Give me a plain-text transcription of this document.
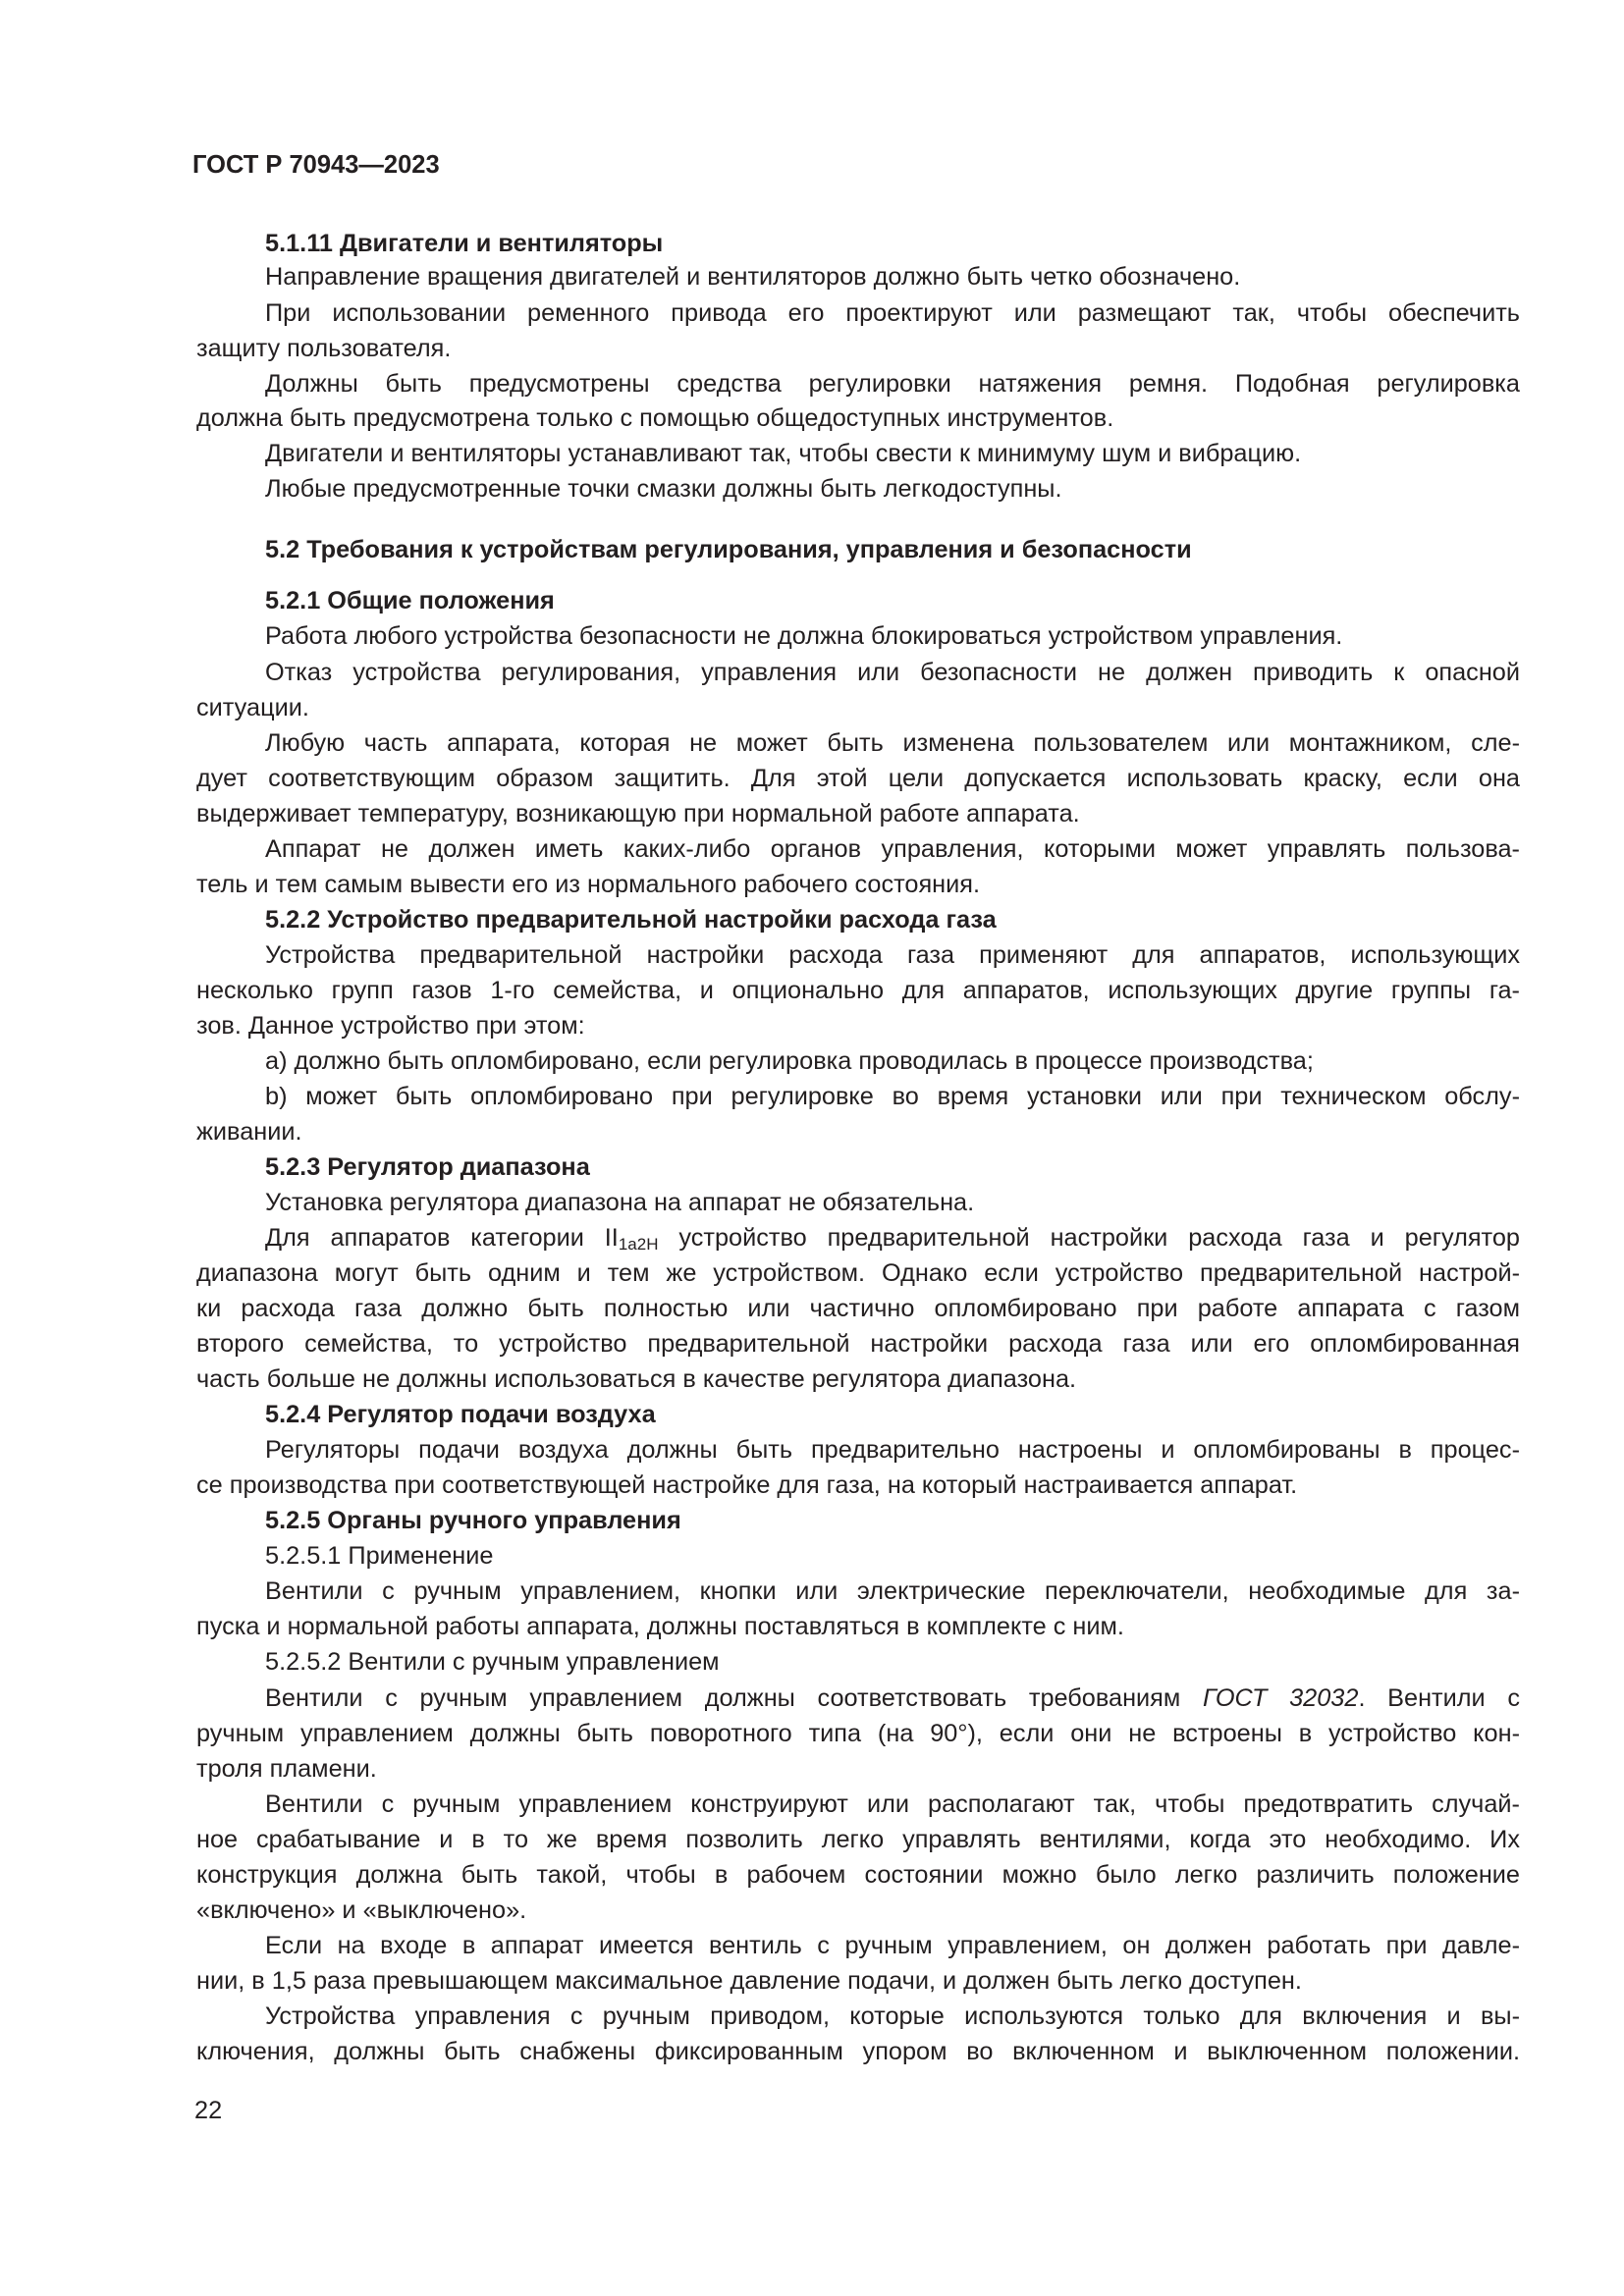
ГОСТ Р 70943—2023
5.1.11 Двигатели и вентиляторы
Направление вращения двигателей и вентиляторов должно быть четко обозначено.
При использовании ременного привода его проектируют или размещают так, чтобы обеспечить
защиту пользователя.
Должны быть предусмотрены средства регулировки натяжения ремня. Подобная регулировка
должна быть предусмотрена только с помощью общедоступных инструментов.
Двигатели и вентиляторы устанавливают так, чтобы свести к минимуму шум и вибрацию.
Любые предусмотренные точки смазки должны быть легкодоступны.
5.2 Требования к устройствам регулирования, управления и безопасности
5.2.1 Общие положения
Работа любого устройства безопасности не должна блокироваться устройством управления.
Отказ устройства регулирования, управления или безопасности не должен приводить к опасной
ситуации.
Любую часть аппарата, которая не может быть изменена пользователем или монтажником, сле-
дует соответствующим образом защитить. Для этой цели допускается использовать краску, если она
выдерживает температуру, возникающую при нормальной работе аппарата.
Аппарат не должен иметь каких-либо органов управления, которыми может управлять пользова-
тель и тем самым вывести его из нормального рабочего состояния.
5.2.2 Устройство предварительной настройки расхода газа
Устройства предварительной настройки расхода газа применяют для аппаратов, использующих
несколько групп газов 1-го семейства, и опционально для аппаратов, использующих другие группы га-
зов. Данное устройство при этом:
a) должно быть опломбировано, если регулировка проводилась в процессе производства;
b) может быть опломбировано при регулировке во время установки или при техническом обслу-
живании.
5.2.3 Регулятор диапазона
Установка регулятора диапазона на аппарат не обязательна.
Для аппаратов категории $II_{1a2H}$ устройство предварительной настройки расхода газа и регулятор
диапазона могут быть одним и тем же устройством. Однако если устройство предварительной настрой-
ки расхода газа должно быть полностью или частично опломбировано при работе аппарата с газом
второго семейства, то устройство предварительной настройки расхода газа или его опломбированная
часть больше не должны использоваться в качестве регулятора диапазона.
5.2.4 Регулятор подачи воздуха
Регуляторы подачи воздуха должны быть предварительно настроены и опломбированы в процес-
се производства при соответствующей настройке для газа, на который настраивается аппарат.
5.2.5 Органы ручного управления
5.2.5.1 Применение
Вентили с ручным управлением, кнопки или электрические переключатели, необходимые для за-
пуска и нормальной работы аппарата, должны поставляться в комплекте с ним.
5.2.5.2 Вентили с ручным управлением
Вентили с ручным управлением должны соответствовать требованиям ГОСТ 32032. Вентили с
ручным управлением должны быть поворотного типа (на 90°), если они не встроены в устройство кон-
троля пламени.
Вентили с ручным управлением конструируют или располагают так, чтобы предотвратить случай-
ное срабатывание и в то же время позволить легко управлять вентилями, когда это необходимо. Их
конструкция должна быть такой, чтобы в рабочем состоянии можно было легко различить положение
«включено» и «выключено».
Если на входе в аппарат имеется вентиль с ручным управлением, он должен работать при давле-
нии, в 1,5 раза превышающем максимальное давление подачи, и должен быть легко доступен.
Устройства управления с ручным приводом, которые используются только для включения и вы-
ключения, должны быть снабжены фиксированным упором во включенном и выключенном положении.
22
